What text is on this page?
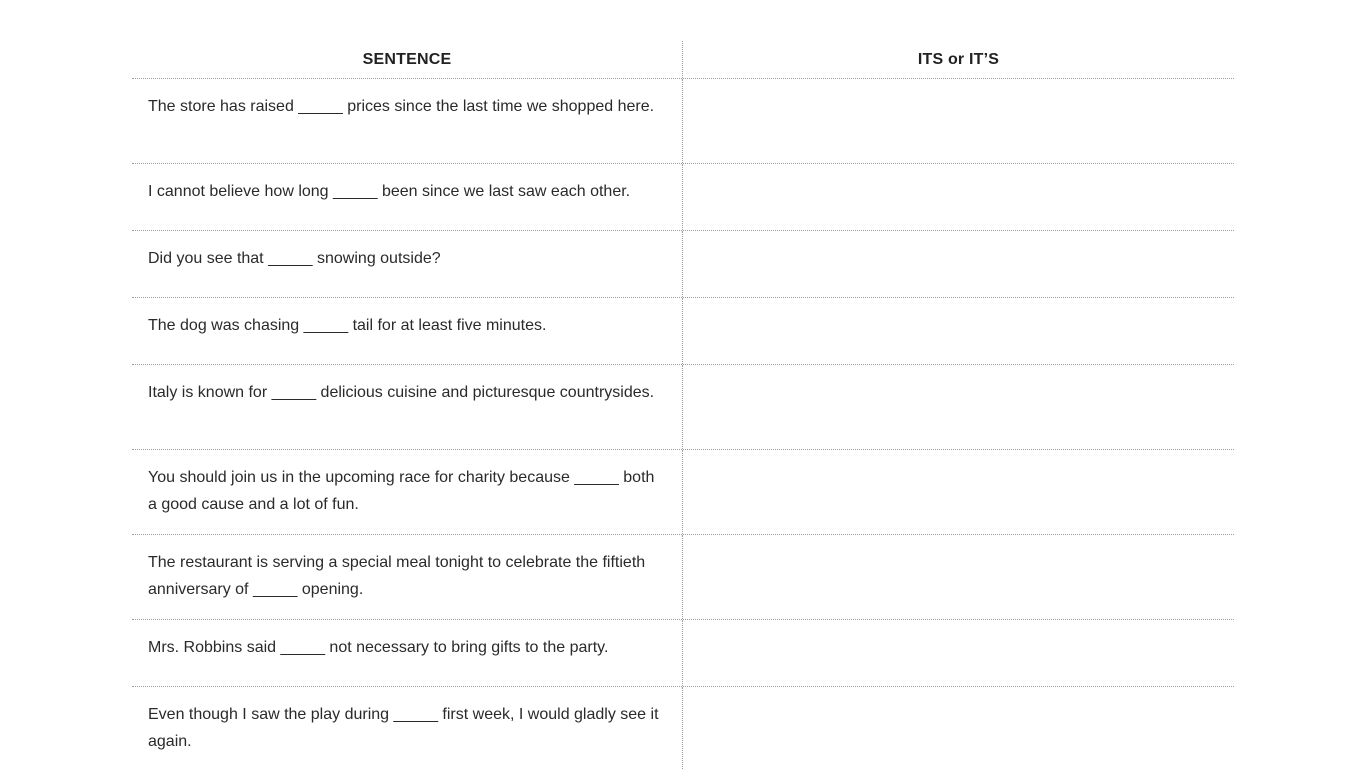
SENTENCE	ITS or IT’S
The store has raised _____ prices since the last time we shopped here.
I cannot believe how long _____ been since we last saw each other.
Did you see that _____ snowing outside?
The dog was chasing _____ tail for at least five minutes.
Italy is known for _____ delicious cuisine and picturesque countrysides.
You should join us in the upcoming race for charity because _____ both a good cause and a lot of fun.
The restaurant is serving a special meal tonight to celebrate the fiftieth anniversary of _____ opening.
Mrs. Robbins said _____ not necessary to bring gifts to the party.
Even though I saw the play during _____ first week, I would gladly see it again.
